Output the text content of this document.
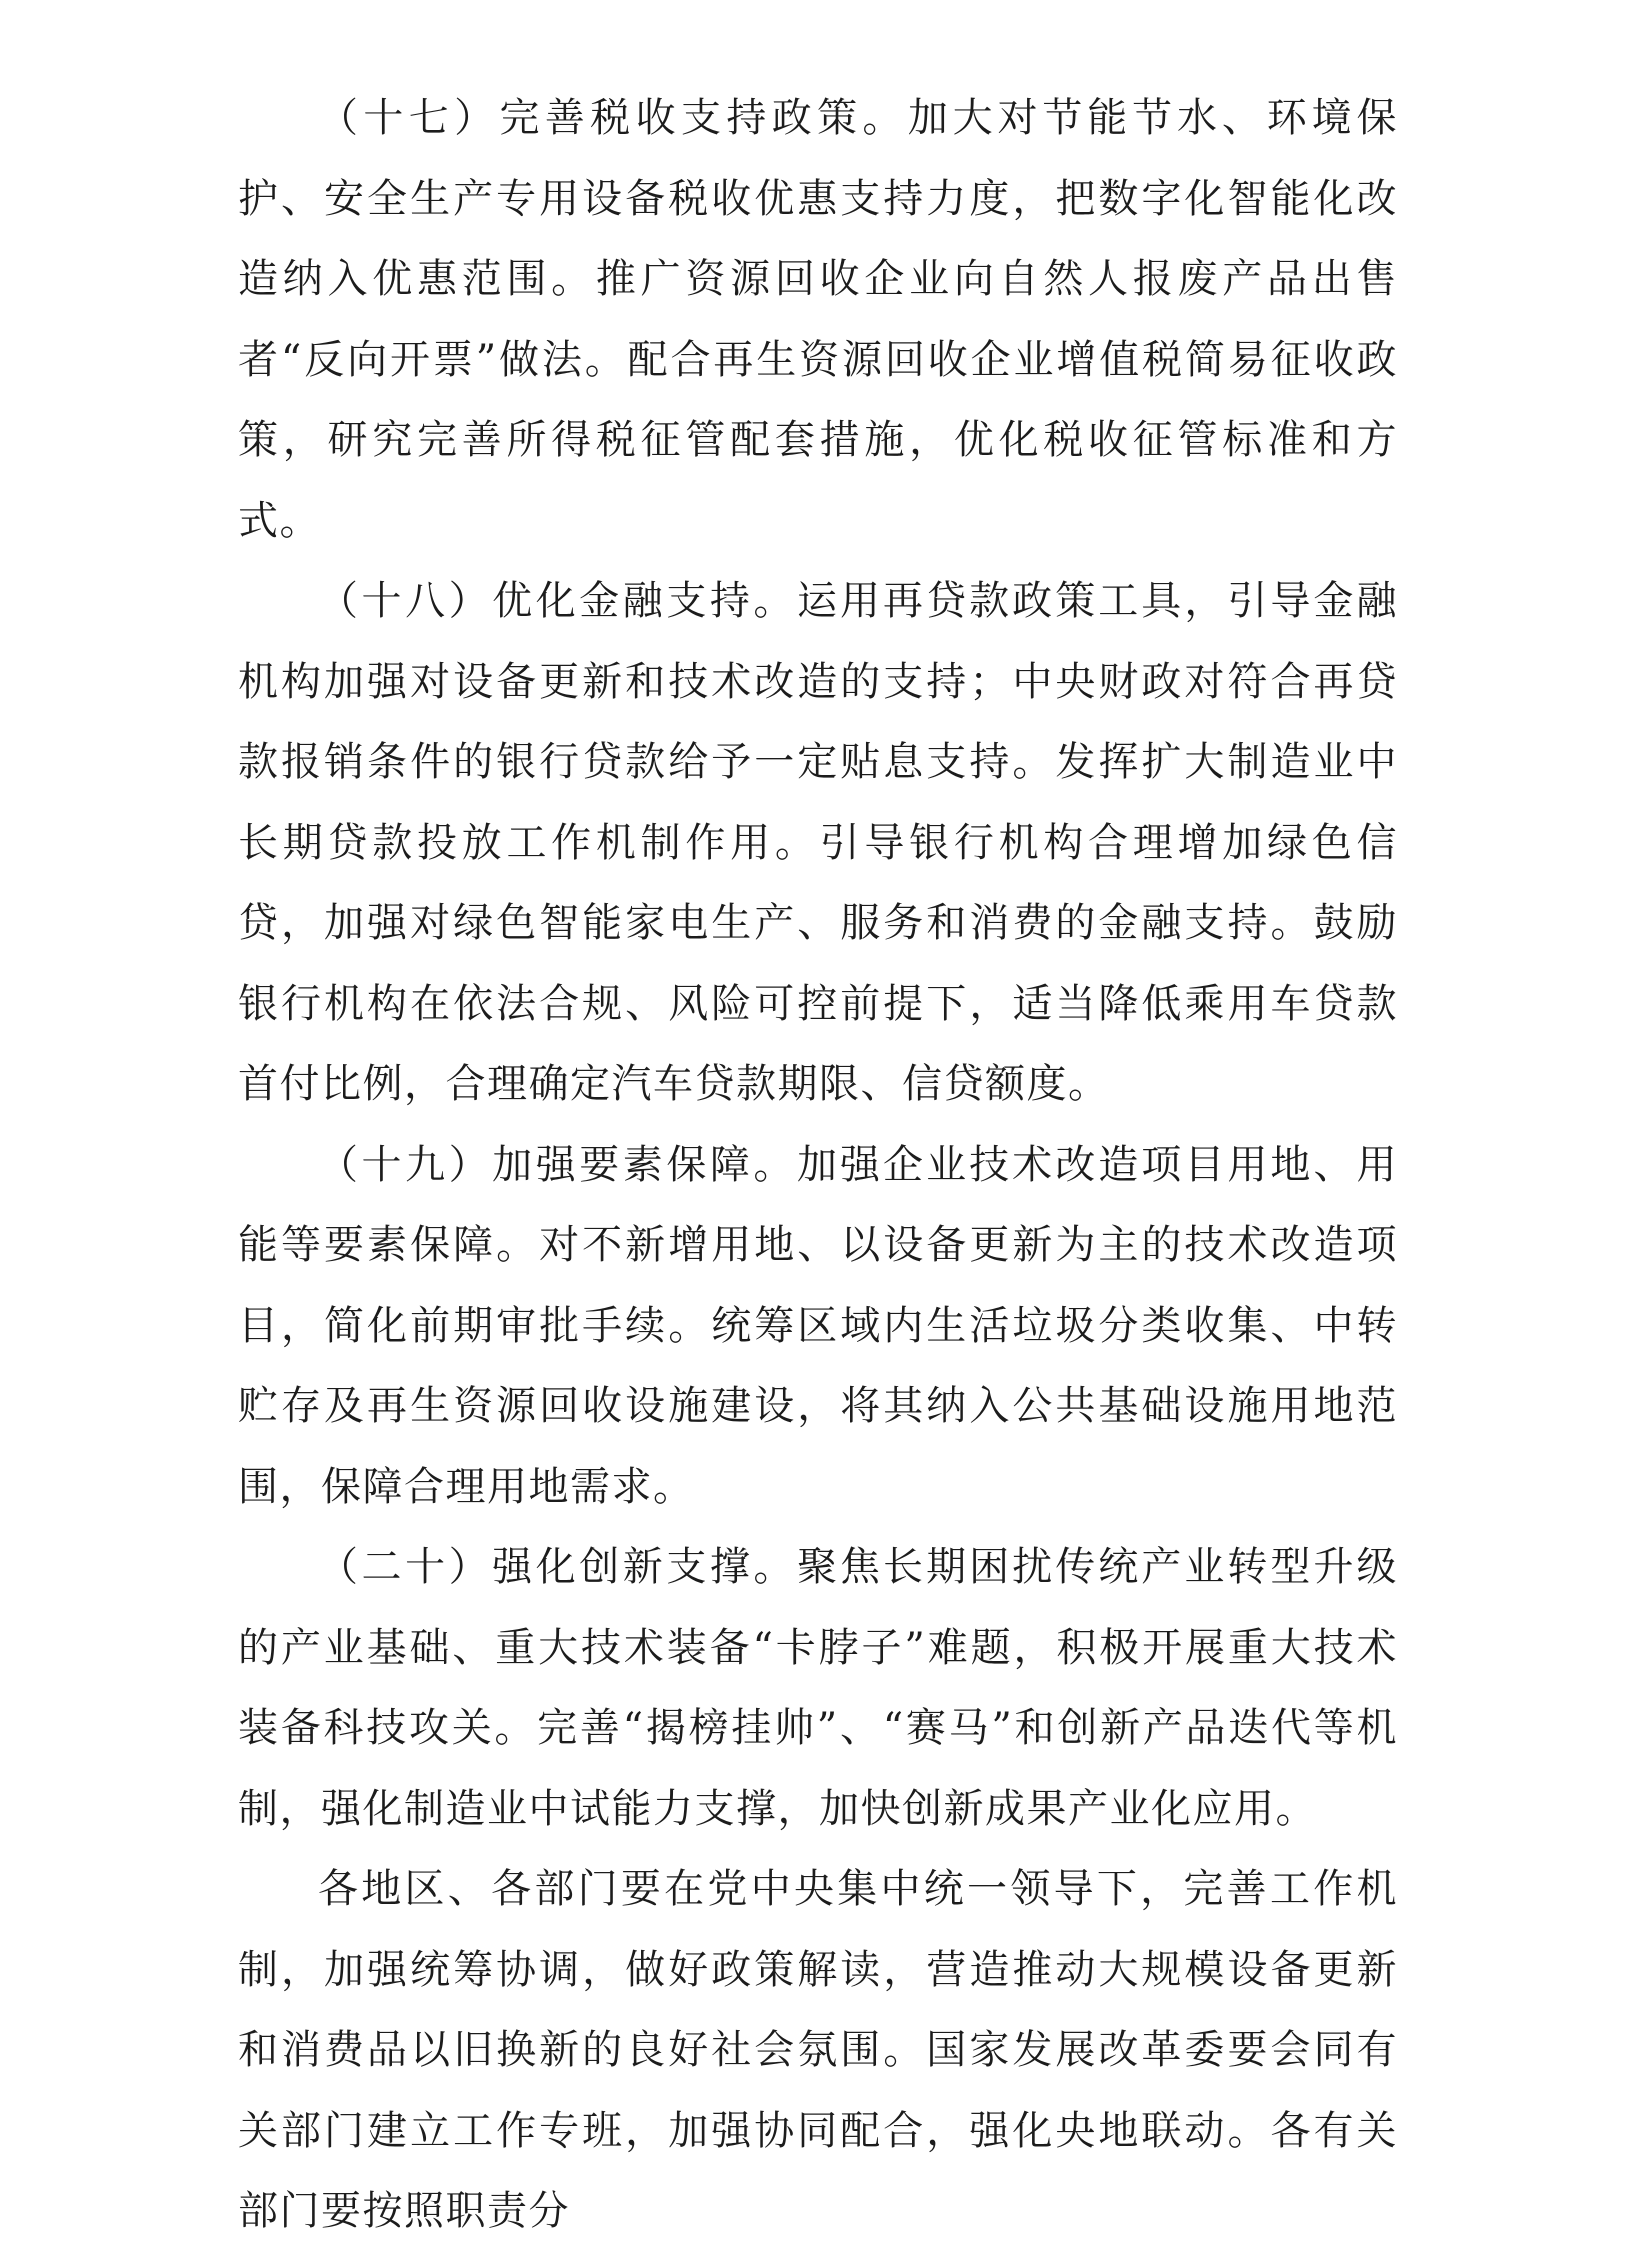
（十七）完善税收支持政策。加大对节能节水、环境保护、安全生产专用设备税收优惠支持力度，把数字化智能化改造纳入优惠范围。推广资源回收企业向自然人报废产品出售者“反向开票”做法。配合再生资源回收企业增值税简易征收政策，研究完善所得税征管配套措施，优化税收征管标准和方式。

（十八）优化金融支持。运用再贷款政策工具，引导金融机构加强对设备更新和技术改造的支持；中央财政对符合再贷款报销条件的银行贷款给予一定贴息支持。发挥扩大制造业中长期贷款投放工作机制作用。引导银行机构合理增加绿色信贷，加强对绿色智能家电生产、服务和消费的金融支持。鼓励银行机构在依法合规、风险可控前提下，适当降低乘用车贷款首付比例，合理确定汽车贷款期限、信贷额度。

（十九）加强要素保障。加强企业技术改造项目用地、用能等要素保障。对不新增用地、以设备更新为主的技术改造项目，简化前期审批手续。统筹区域内生活垃圾分类收集、中转贮存及再生资源回收设施建设，将其纳入公共基础设施用地范围，保障合理用地需求。

（二十）强化创新支撑。聚焦长期困扰传统产业转型升级的产业基础、重大技术装备“卡脖子”难题，积极开展重大技术装备科技攻关。完善“揭榜挂帅”、“赛马”和创新产品迭代等机制，强化制造业中试能力支撑，加快创新成果产业化应用。

各地区、各部门要在党中央集中统一领导下，完善工作机制，加强统筹协调，做好政策解读，营造推动大规模设备更新和消费品以旧换新的良好社会氛围。国家发展改革委要会同有关部门建立工作专班，加强协同配合，强化央地联动。各有关部门要按照职责分
